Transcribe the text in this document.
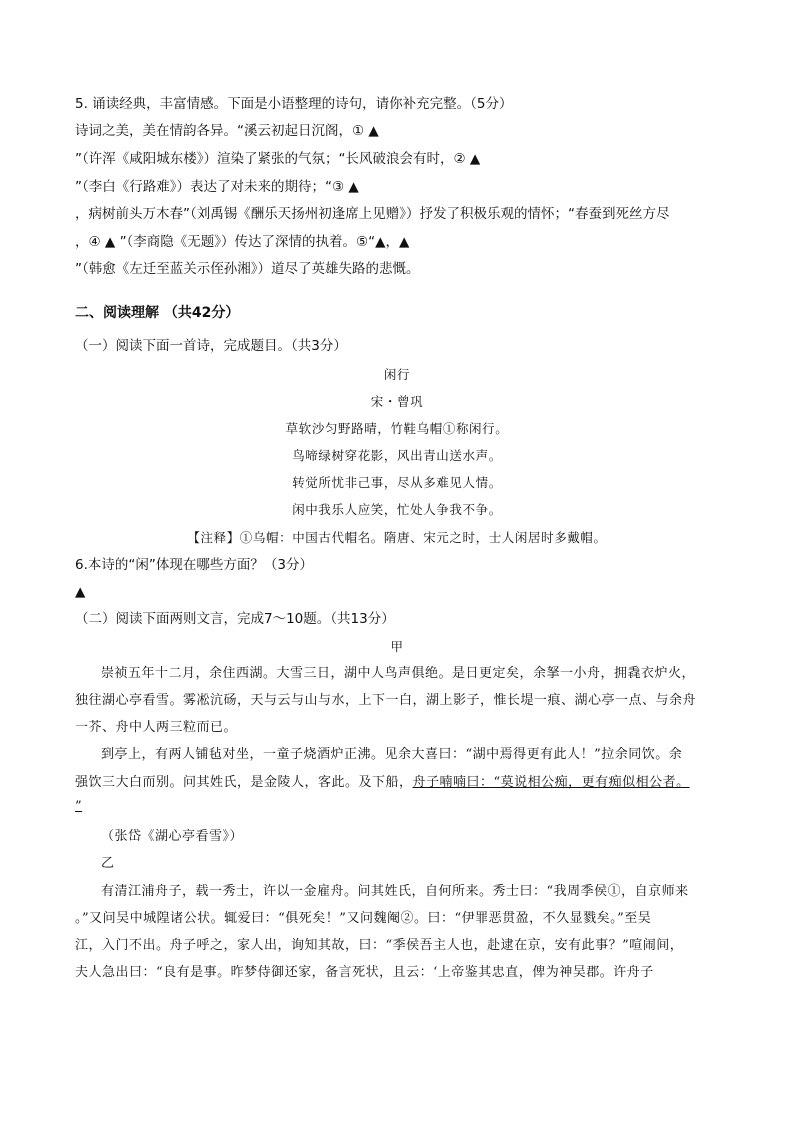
5. 诵读经典，丰富情感。下面是小语整理的诗句，请你补充完整。（5分）
诗词之美，美在情韵各异。“溪云初起日沉阁，① ▲
”（许浑《咸阳城东楼》）渲染了紧张的气氛；“长风破浪会有时，② ▲
”（李白《行路难》）表达了对未来的期待；“③ ▲
，病树前头万木春”（刘禹锡《酬乐天扬州初逢席上见赠》）抒发了积极乐观的情怀；“春蚕到死丝方尽
，④ ▲ ”（李商隐《无题》）传达了深情的执着。⑤“▲，▲
”（韩愈《左迁至蓝关示侄孙湘》）道尽了英雄失路的悲慨。
二、阅读理解 （共42分）
（一）阅读下面一首诗，完成题目。（共3分）
闲行
宋・曾巩
草软沙匀野路晴，竹鞋乌帽①称闲行。
鸟啼绿树穿花影，风出青山送水声。
转觉所忧非己事，尽从多难见人情。
闲中我乐人应笑，忙处人争我不争。
【注释】①乌帽：中国古代帽名。隋唐、宋元之时，士人闲居时多戴帽。
6.本诗的“闲”体现在哪些方面？（3分）
▲
（二）阅读下面两则文言，完成7～10题。（共13分）
甲
崇祯五年十二月，余住西湖。大雪三日，湖中人鸟声俱绝。是日更定矣，余拏一小舟，拥毳衣炉火，
独往湖心亭看雪。雾凇沆砀，天与云与山与水，上下一白，湖上影子，惟长堤一痕、湖心亭一点、与余舟
一芥、舟中人两三粒而已。
到亭上，有两人铺毡对坐，一童子烧酒炉正沸。见余大喜曰：“湖中焉得更有此人！”拉余同饮。余
强饮三大白而别。问其姓氏，是金陵人，客此。及下船，舟子喃喃曰：“莫说相公痴，更有痴似相公者。
”
（张岱《湖心亭看雪》）
乙
有清江浦舟子，载一秀士，许以一金雇舟。问其姓氏，自何所来。秀士曰：“我周季侯①，自京师来
。”又问吴中城隍诸公状。辄爱曰：“俱死矣！”又问魏阉②。曰：“伊罪恶贯盈，不久显戮矣。”至吴
江，入门不出。舟子呼之，家人出，询知其故，曰：“季侯吾主人也，赴逮在京，安有此事？”喧闹间，
夫人急出曰：“良有是事。昨梦侍御还家，备言死状，且云：‘上帝鉴其忠直，俾为神吴郡。许舟子
